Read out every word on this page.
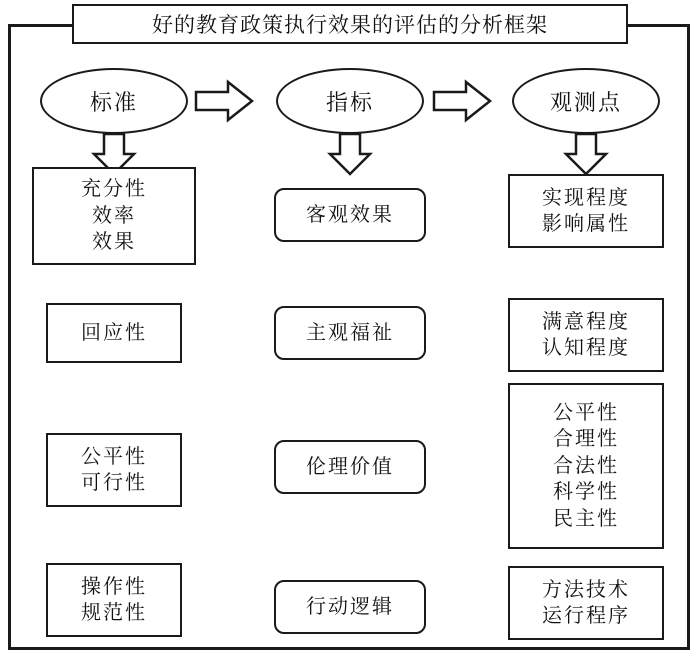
好的教育政策执行效果的评估的分析框架
标准	指标	观测点
充分性
效率
效果
回应性
公平性
可行性
操作性
规范性
客观效果
主观福祉
伦理价值
行动逻辑
实现程度
影响属性
满意程度
认知程度
公平性
合理性
合法性
科学性
民主性
方法技术
运行程序
